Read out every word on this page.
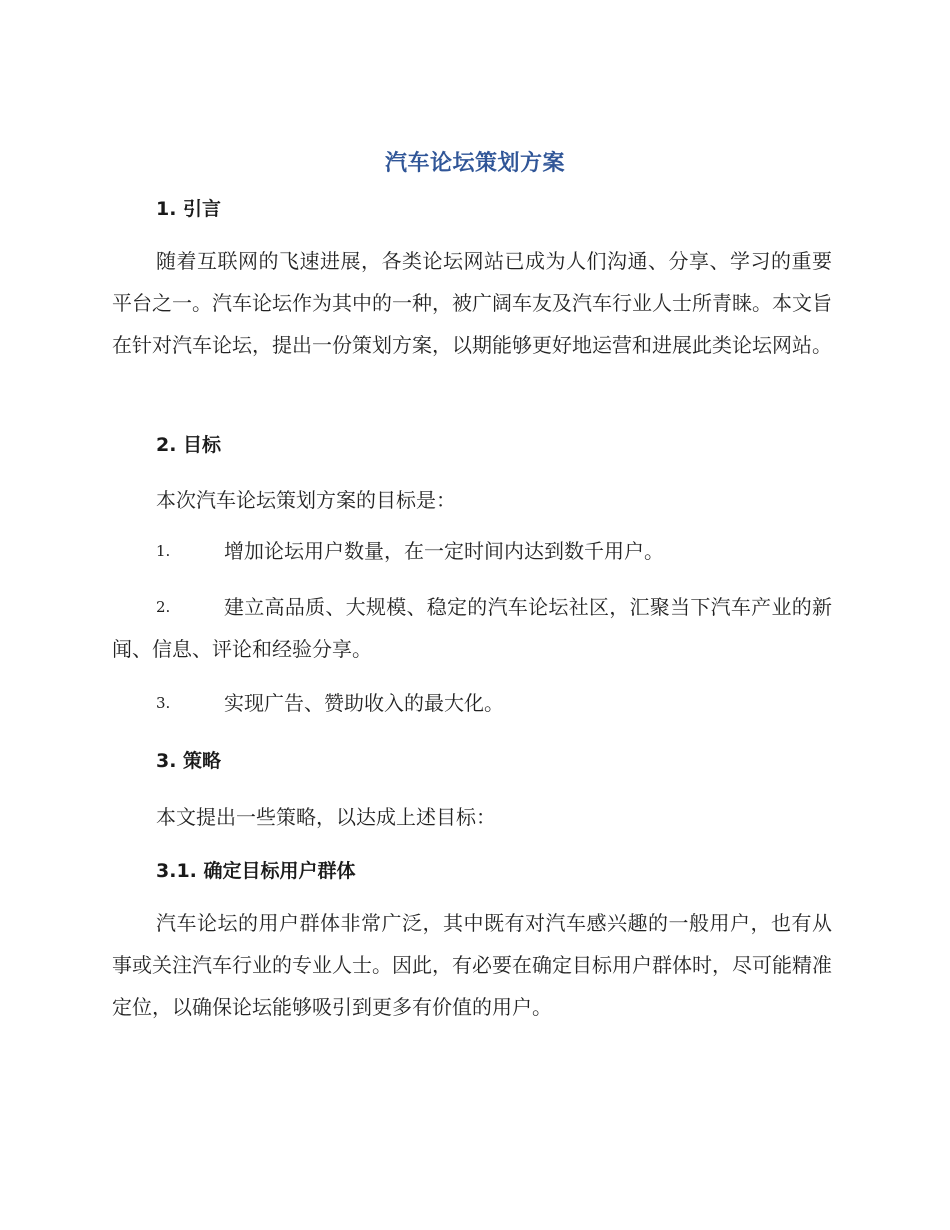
汽车论坛策划方案
1. 引言
随着互联网的飞速进展，各类论坛网站已成为人们沟通、分享、学习的重要平台之一。汽车论坛作为其中的一种，被广阔车友及汽车行业人士所青睐。本文旨在针对汽车论坛，提出一份策划方案，以期能够更好地运营和进展此类论坛网站。
2. 目标
本次汽车论坛策划方案的目标是：
1.	增加论坛用户数量，在一定时间内达到数千用户。
2.	建立高品质、大规模、稳定的汽车论坛社区，汇聚当下汽车产业的新闻、信息、评论和经验分享。
3.	实现广告、赞助收入的最大化。
3. 策略
本文提出一些策略，以达成上述目标：
3.1. 确定目标用户群体
汽车论坛的用户群体非常广泛，其中既有对汽车感兴趣的一般用户，也有从事或关注汽车行业的专业人士。因此，有必要在确定目标用户群体时，尽可能精准定位，以确保论坛能够吸引到更多有价值的用户。
